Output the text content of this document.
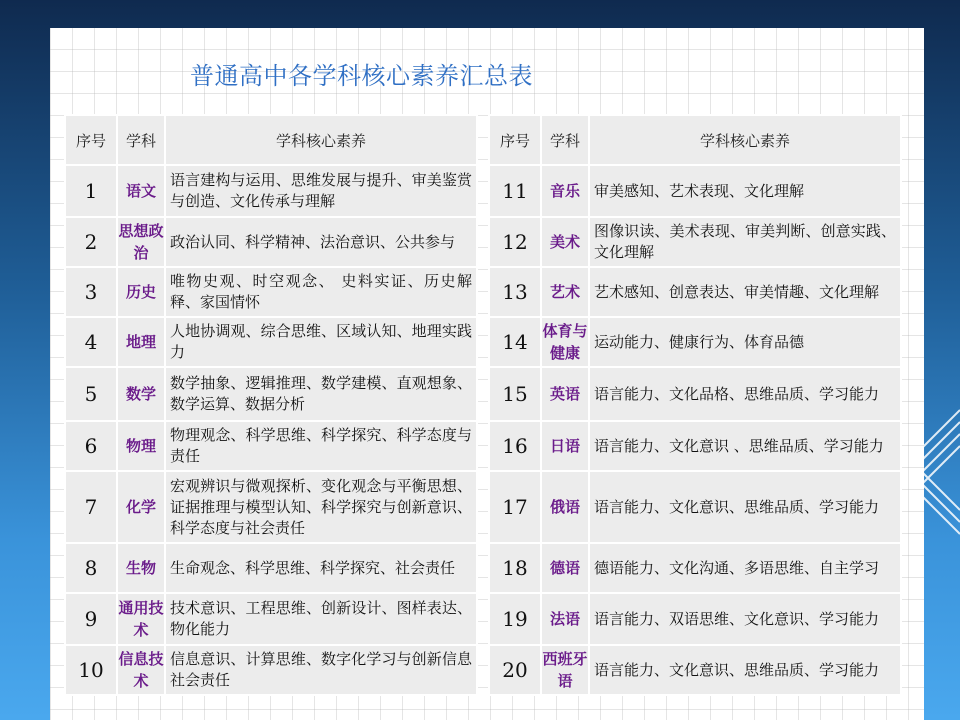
普通高中各学科核心素养汇总表
序号	学科	学科核心素养
1	语文	语言建构与运用、思维发展与提升、审美鉴赏与创造、文化传承与理解
2	思想政治	政治认同、科学精神、法治意识、公共参与
3	历史	唯物史观、时空观念、 史料实证、历史解释、家国情怀
4	地理	人地协调观、综合思维、区域认知、地理实践力
5	数学	数学抽象、逻辑推理、数学建模、直观想象、数学运算、数据分析
6	物理	物理观念、科学思维、科学探究、科学态度与责任
7	化学	宏观辨识与微观探析、变化观念与平衡思想、证据推理与模型认知、科学探究与创新意识、科学态度与社会责任
8	生物	生命观念、科学思维、科学探究、社会责任
9	通用技术	技术意识、工程思维、创新设计、图样表达、物化能力
10	信息技术	信息意识、计算思维、数字化学习与创新信息社会责任
序号	学科	学科核心素养
11	音乐	审美感知、艺术表现、文化理解
12	美术	图像识读、美术表现、审美判断、创意实践、文化理解
13	艺术	艺术感知、创意表达、审美情趣、文化理解
14	体育与健康	运动能力、健康行为、体育品德
15	英语	语言能力、文化品格、思维品质、学习能力
16	日语	语言能力、文化意识 、思维品质、学习能力
17	俄语	语言能力、文化意识、思维品质、学习能力
18	德语	德语能力、文化沟通、多语思维、自主学习
19	法语	语言能力、双语思维、文化意识、学习能力
20	西班牙语	语言能力、文化意识、思维品质、学习能力
